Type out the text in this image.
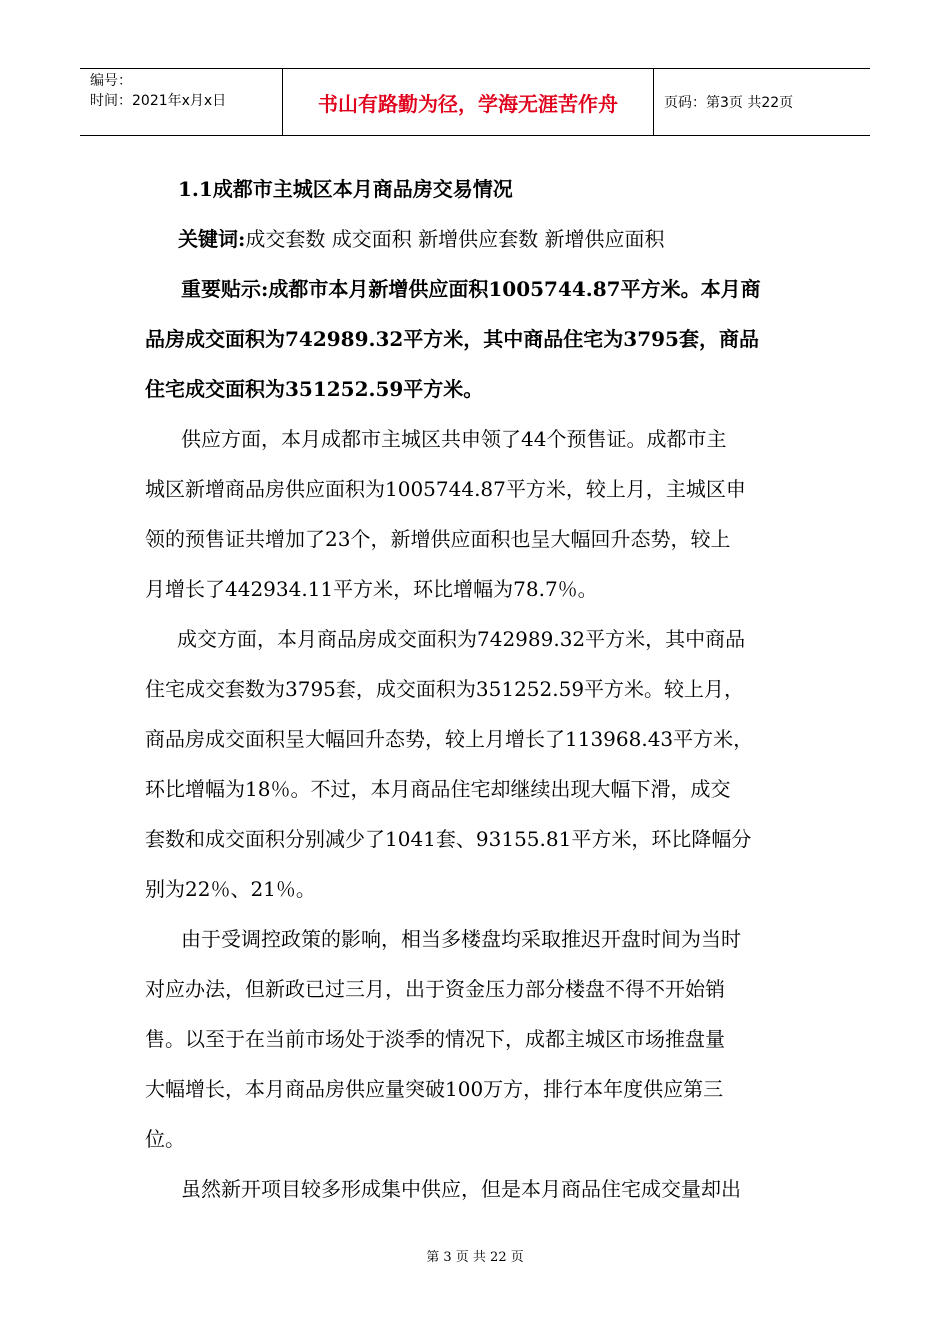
编号：
时间：2021年x月x日	书山有路勤为径，学海无涯苦作舟	页码：第3页 共22页
1.1成都市主城区本月商品房交易情况
关键词:成交套数 成交面积 新增供应套数 新增供应面积
重要贴示:成都市本月新增供应面积1005744.87平方米。本月商
品房成交面积为742989.32平方米，其中商品住宅为3795套，商品
住宅成交面积为351252.59平方米。
供应方面，本月成都市主城区共申领了44个预售证。成都市主
城区新增商品房供应面积为1005744.87平方米，较上月，主城区申
领的预售证共增加了23个，新增供应面积也呈大幅回升态势，较上
月增长了442934.11平方米，环比增幅为78.7％。
成交方面，本月商品房成交面积为742989.32平方米，其中商品
住宅成交套数为3795套，成交面积为351252.59平方米。较上月，
商品房成交面积呈大幅回升态势，较上月增长了113968.43平方米，
环比增幅为18％。不过，本月商品住宅却继续出现大幅下滑，成交
套数和成交面积分别减少了1041套、93155.81平方米，环比降幅分
别为22％、21％。
由于受调控政策的影响，相当多楼盘均采取推迟开盘时间为当时
对应办法，但新政已过三月，出于资金压力部分楼盘不得不开始销
售。以至于在当前市场处于淡季的情况下，成都主城区市场推盘量
大幅增长，本月商品房供应量突破100万方，排行本年度供应第三
位。
虽然新开项目较多形成集中供应，但是本月商品住宅成交量却出
第 3 页 共 22 页
